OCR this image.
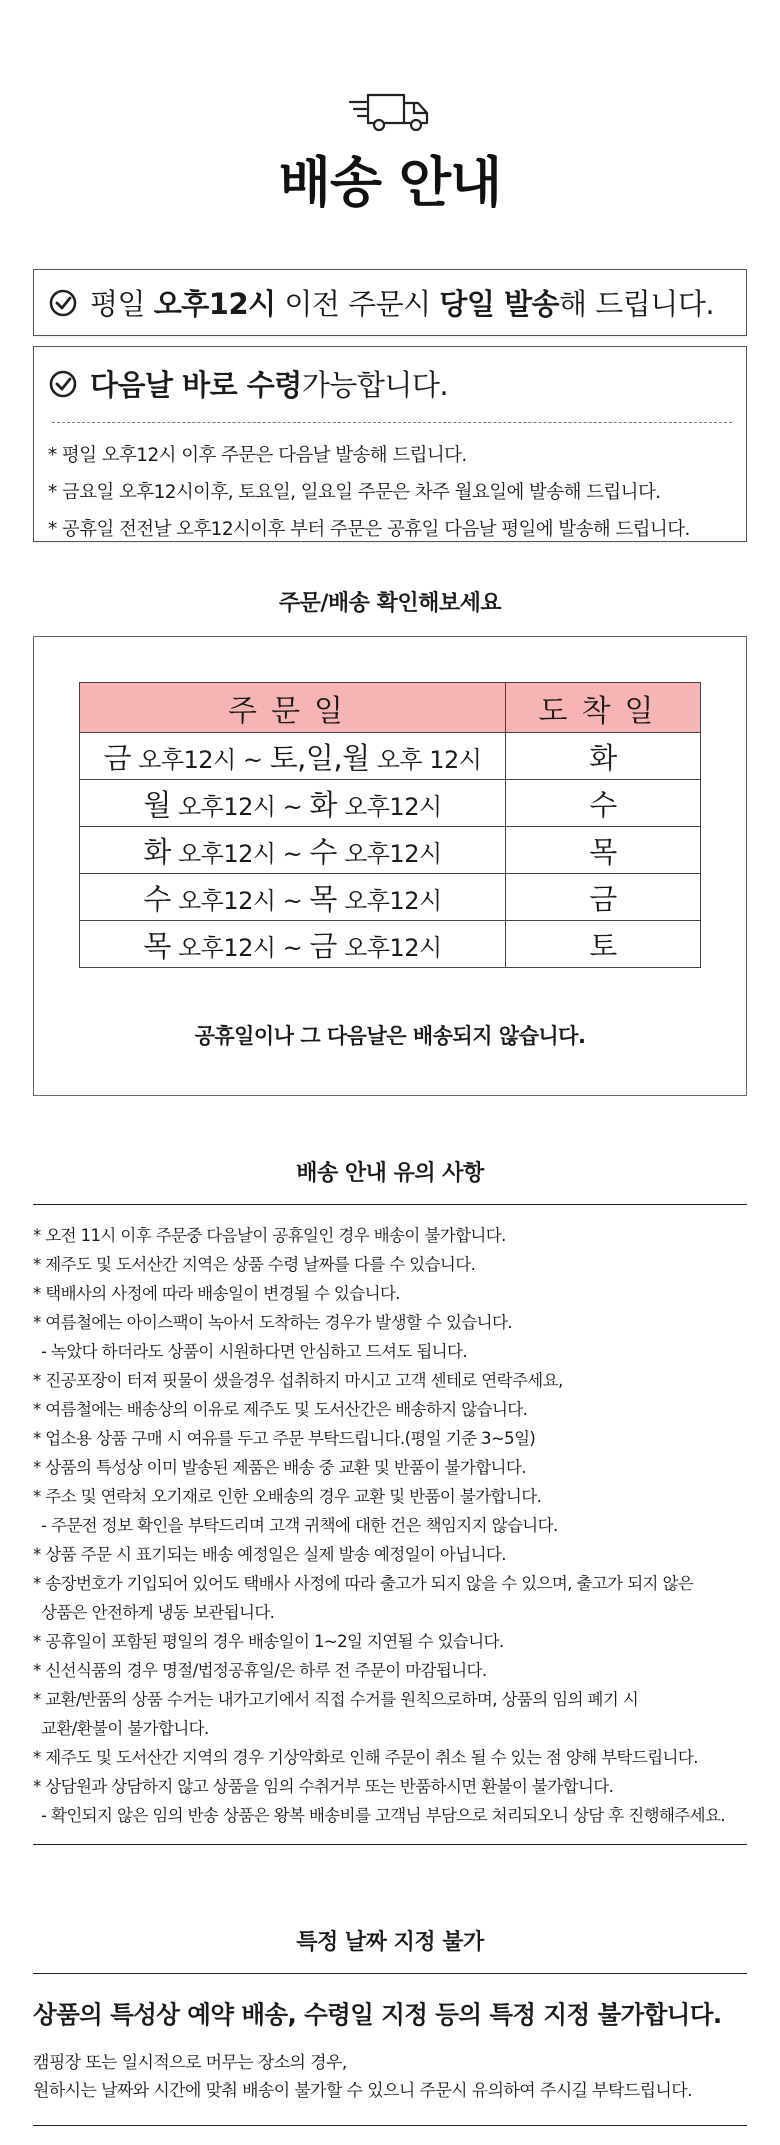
배송 안내
평일 오후12시 이전 주문시 당일 발송해 드립니다.
다음날 바로 수령 가능합니다.
* 평일 오후12시 이후 주문은 다음날 발송해 드립니다.
* 금요일 오후12시이후, 토요일, 일요일 주문은 차주 월요일에 발송해 드립니다.
* 공휴일 전전날 오후12시이후 부터 주문은 공휴일 다음날 평일에 발송해 드립니다.
주문/배송 확인해보세요
주문일	도착일
금 오후12시 ~ 토,일,월 오후 12시	화
월 오후12시 ~ 화 오후12시	수
화 오후12시 ~ 수 오후12시	목
수 오후12시 ~ 목 오후12시	금
목 오후12시 ~ 금 오후12시	토
공휴일이나 그 다음날은 배송되지 않습니다.
배송 안내 유의 사항
* 오전 11시 이후 주문중 다음날이 공휴일인 경우 배송이 불가합니다.
* 제주도 및 도서산간 지역은 상품 수령 날짜를 다를 수 있습니다.
* 택배사의 사정에 따라 배송일이 변경될 수 있습니다.
* 여름철에는 아이스팩이 녹아서 도착하는 경우가 발생할 수 있습니다.
- 녹았다 하더라도 상품이 시원하다면 안심하고 드셔도 됩니다.
* 진공포장이 터져 핏물이 샜을경우 섭취하지 마시고 고객 센테로 연락주세요,
* 여름철에는 배송상의 이유로 제주도 및 도서산간은 배송하지 않습니다.
* 업소용 상품 구매 시 여유를 두고 주문 부탁드립니다.(평일 기준 3~5일)
* 상품의 특성상 이미 발송된 제품은 배송 중 교환 및 반품이 불가합니다.
* 주소 및 연락처 오기재로 인한 오배송의 경우 교환 및 반품이 불가합니다.
- 주문전 정보 확인을 부탁드리며 고객 귀책에 대한 건은 책임지지 않습니다.
* 상품 주문 시 표기되는 배송 예정일은 실제 발송 예정일이 아닙니다.
* 송장번호가 기입되어 있어도 택배사 사정에 따라 출고가 되지 않을 수 있으며, 출고가 되지 않은
상품은 안전하게 냉동 보관됩니다.
* 공휴일이 포함된 평일의 경우 배송일이 1~2일 지연될 수 있습니다.
* 신선식품의 경우 명절/법정공휴일/은 하루 전 주문이 마감됩니다.
* 교환/반품의 상품 수거는 내가고기에서 직접 수거를 원칙으로하며, 상품의 임의 폐기 시
교환/환불이 불가합니다.
* 제주도 및 도서산간 지역의 경우 기상악화로 인해 주문이 취소 될 수 있는 점 양해 부탁드립니다.
* 상담원과 상담하지 않고 상품을 임의 수취거부 또는 반품하시면 환불이 불가합니다.
- 확인되지 않은 임의 반송 상품은 왕복 배송비를 고객님 부담으로 처리되오니 상담 후 진행해주세요.
특정 날짜 지정 불가
상품의 특성상 예약 배송, 수령일 지정 등의 특정 지정 불가합니다.

캠핑장 또는 일시적으로 머무는 장소의 경우,

원하시는 날짜와 시간에 맞춰 배송이 불가할 수 있으니 주문시 유의하여 주시길 부탁드립니다.
